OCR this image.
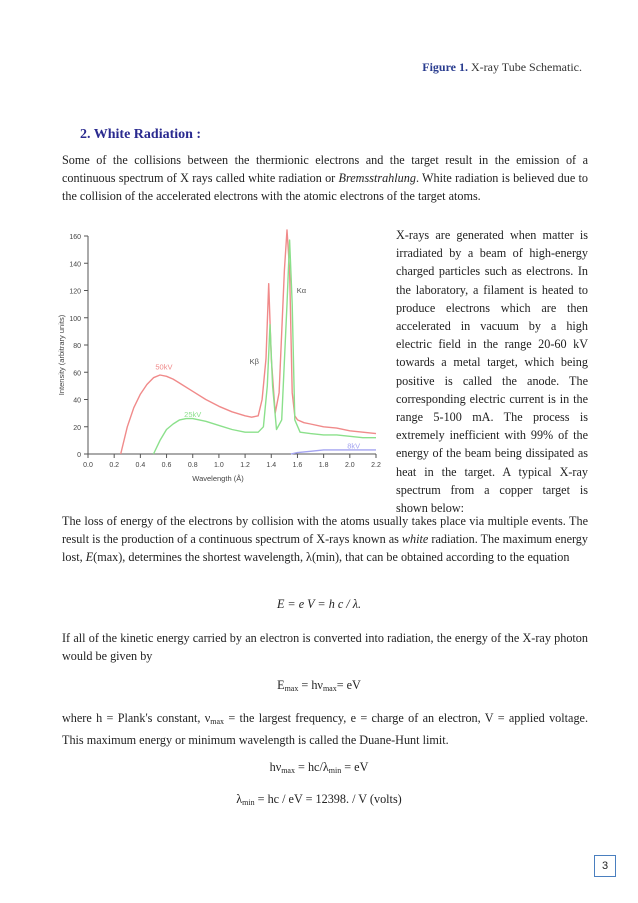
Figure 1. X-ray Tube Schematic.
2. White Radiation :

Some of the collisions between the thermionic electrons and the target result in the emission of a continuous spectrum of X rays called white radiation or Bremsstrahlung. White radiation is believed due to the collision of the accelerated electrons with the atomic electrons of the target atoms.

0
20
40
60
80
100
120
140
160
0.0 0.2 0.4 0.6 0.8 1.0 1.2 1.4 1.6 1.8 2.0 2.2
Wavelength (Å)
Intensity (arbitrary units)	50kV
25kV
8kV
Kβ
Kα

X-rays are generated when matter is irradiated by a beam of high-energy charged particles such as electrons. In the laboratory, a filament is heated to produce electrons which are then accelerated in vacuum by a high electric field in the range 20-60 kV towards a metal target, which being positive is called the anode. The corresponding electric current is in the range 5-100 mA. The process is extremely inefficient with 99% of the energy of the beam being dissipated as heat in the target. A typical X-ray spectrum from a copper target is shown below:

The loss of energy of the electrons by collision with the atoms usually takes place via multiple events. The result is the production of a continuous spectrum of X-rays known as white radiation. The maximum energy lost, E(max), determines the shortest wavelength, λ(min), that can be obtained according to the equation

E = e V = h c / λ.

If all of the kinetic energy carried by an electron is converted into radiation, the energy of the X-ray photon would be given by

$E_{max} = h\nu_{max}=$ eV

where h = Plank's constant, $\nu_{max}$ = the largest frequency, e = charge of an electron, V = applied voltage. This maximum energy or minimum wavelength is called the Duane-Hunt limit.

$h\nu_{max} = hc/\lambda_{min}$ = eV
$\lambda_{min}$ = hc / eV = 12398. / V (volts)
3
